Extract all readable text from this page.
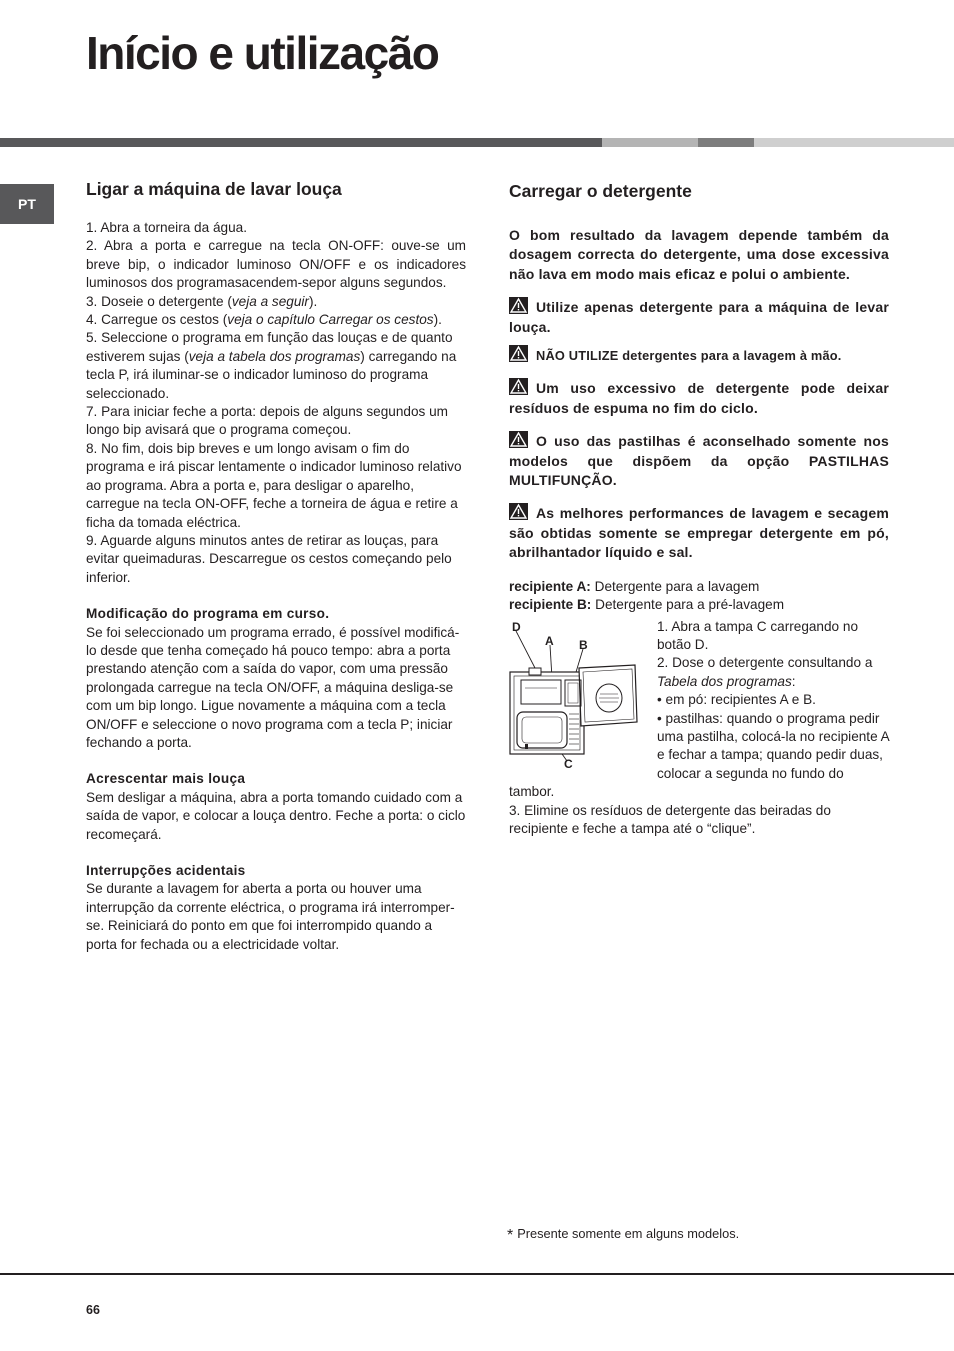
Início e utilização
PT
Ligar a máquina de lavar louça

1. Abra a torneira da água.

2. Abra a porta e carregue na tecla ON-OFF: ouve-se um breve bip, o indicador luminoso ON/OFF e os indicadores luminosos dos programasacendem-sepor alguns segundos.

3. Doseie o detergente (veja a seguir).

4. Carregue os cestos (veja o capítulo Carregar os cestos).

5. Seleccione o programa em função das louças e de quanto estiverem sujas (veja a tabela dos programas) carregando na tecla P, irá iluminar-se o indicador luminoso do programa seleccionado.

7. Para iniciar feche a porta: depois de alguns segundos um longo bip avisará que o programa começou.

8. No fim, dois bip breves e um longo avisam o fim do programa e irá piscar lentamente o indicador luminoso relativo ao programa. Abra a porta e, para desligar o aparelho, carregue na tecla ON-OFF, feche a torneira de água e retire a ficha da tomada eléctrica.

9. Aguarde alguns minutos antes de retirar as louças, para evitar queimaduras. Descarregue os cestos começando pelo inferior.

Modificação do programa em curso.

Se foi seleccionado um programa errado, é possível modificá-lo desde que tenha começado há pouco tempo: abra a porta prestando atenção com a saída do vapor, com uma pressão prolongada carregue na tecla ON/OFF, a máquina desliga-se com um bip longo. Ligue novamente a máquina com a tecla ON/OFF e seleccione o novo programa com a tecla P; iniciar fechando a porta.

Acrescentar mais louça

Sem desligar a máquina, abra a porta tomando cuidado com a saída de vapor, e colocar a louça dentro. Feche a porta: o ciclo recomeçará.

Interrupções acidentais

Se durante a lavagem for aberta a porta ou houver uma interrupção da corrente eléctrica, o programa irá interromper-se. Reiniciará do ponto em que foi interrompido quando a porta for fechada ou a electricidade voltar.

Carregar o detergente

O bom resultado da lavagem depende também da dosagem correcta do detergente, uma dose excessiva não lava em modo mais eficaz e polui o ambiente.

Utilize apenas detergente para a máquina de levar louça.

NÃO UTILIZE detergentes para a lavagem à mão.

Um uso excessivo de detergente pode deixar resíduos de espuma no fim do ciclo.

O uso das pastilhas é aconselhado somente nos modelos que dispõem da opção PASTILHAS MULTIFUNÇÃO.

As melhores performances de lavagem e secagem são obtidas somente se empregar detergente em pó, abrilhantador líquido e sal.

recipiente A: Detergente para a lavagem

recipiente B: Detergente para a pré-lavagem

D
A B
C

1. Abra a tampa C carregando no botão D.

2. Dose o detergente consultando a Tabela dos programas:

• em pó: recipientes A e B.

• pastilhas: quando o programa pedir uma pastilha, colocá-la no recipiente A e fechar a tampa; quando pedir duas, colocar a segunda no fundo do tambor.

3. Elimine os resíduos de detergente das beiradas do recipiente e feche a tampa até o “clique”.

* Presente somente em alguns modelos.
66
